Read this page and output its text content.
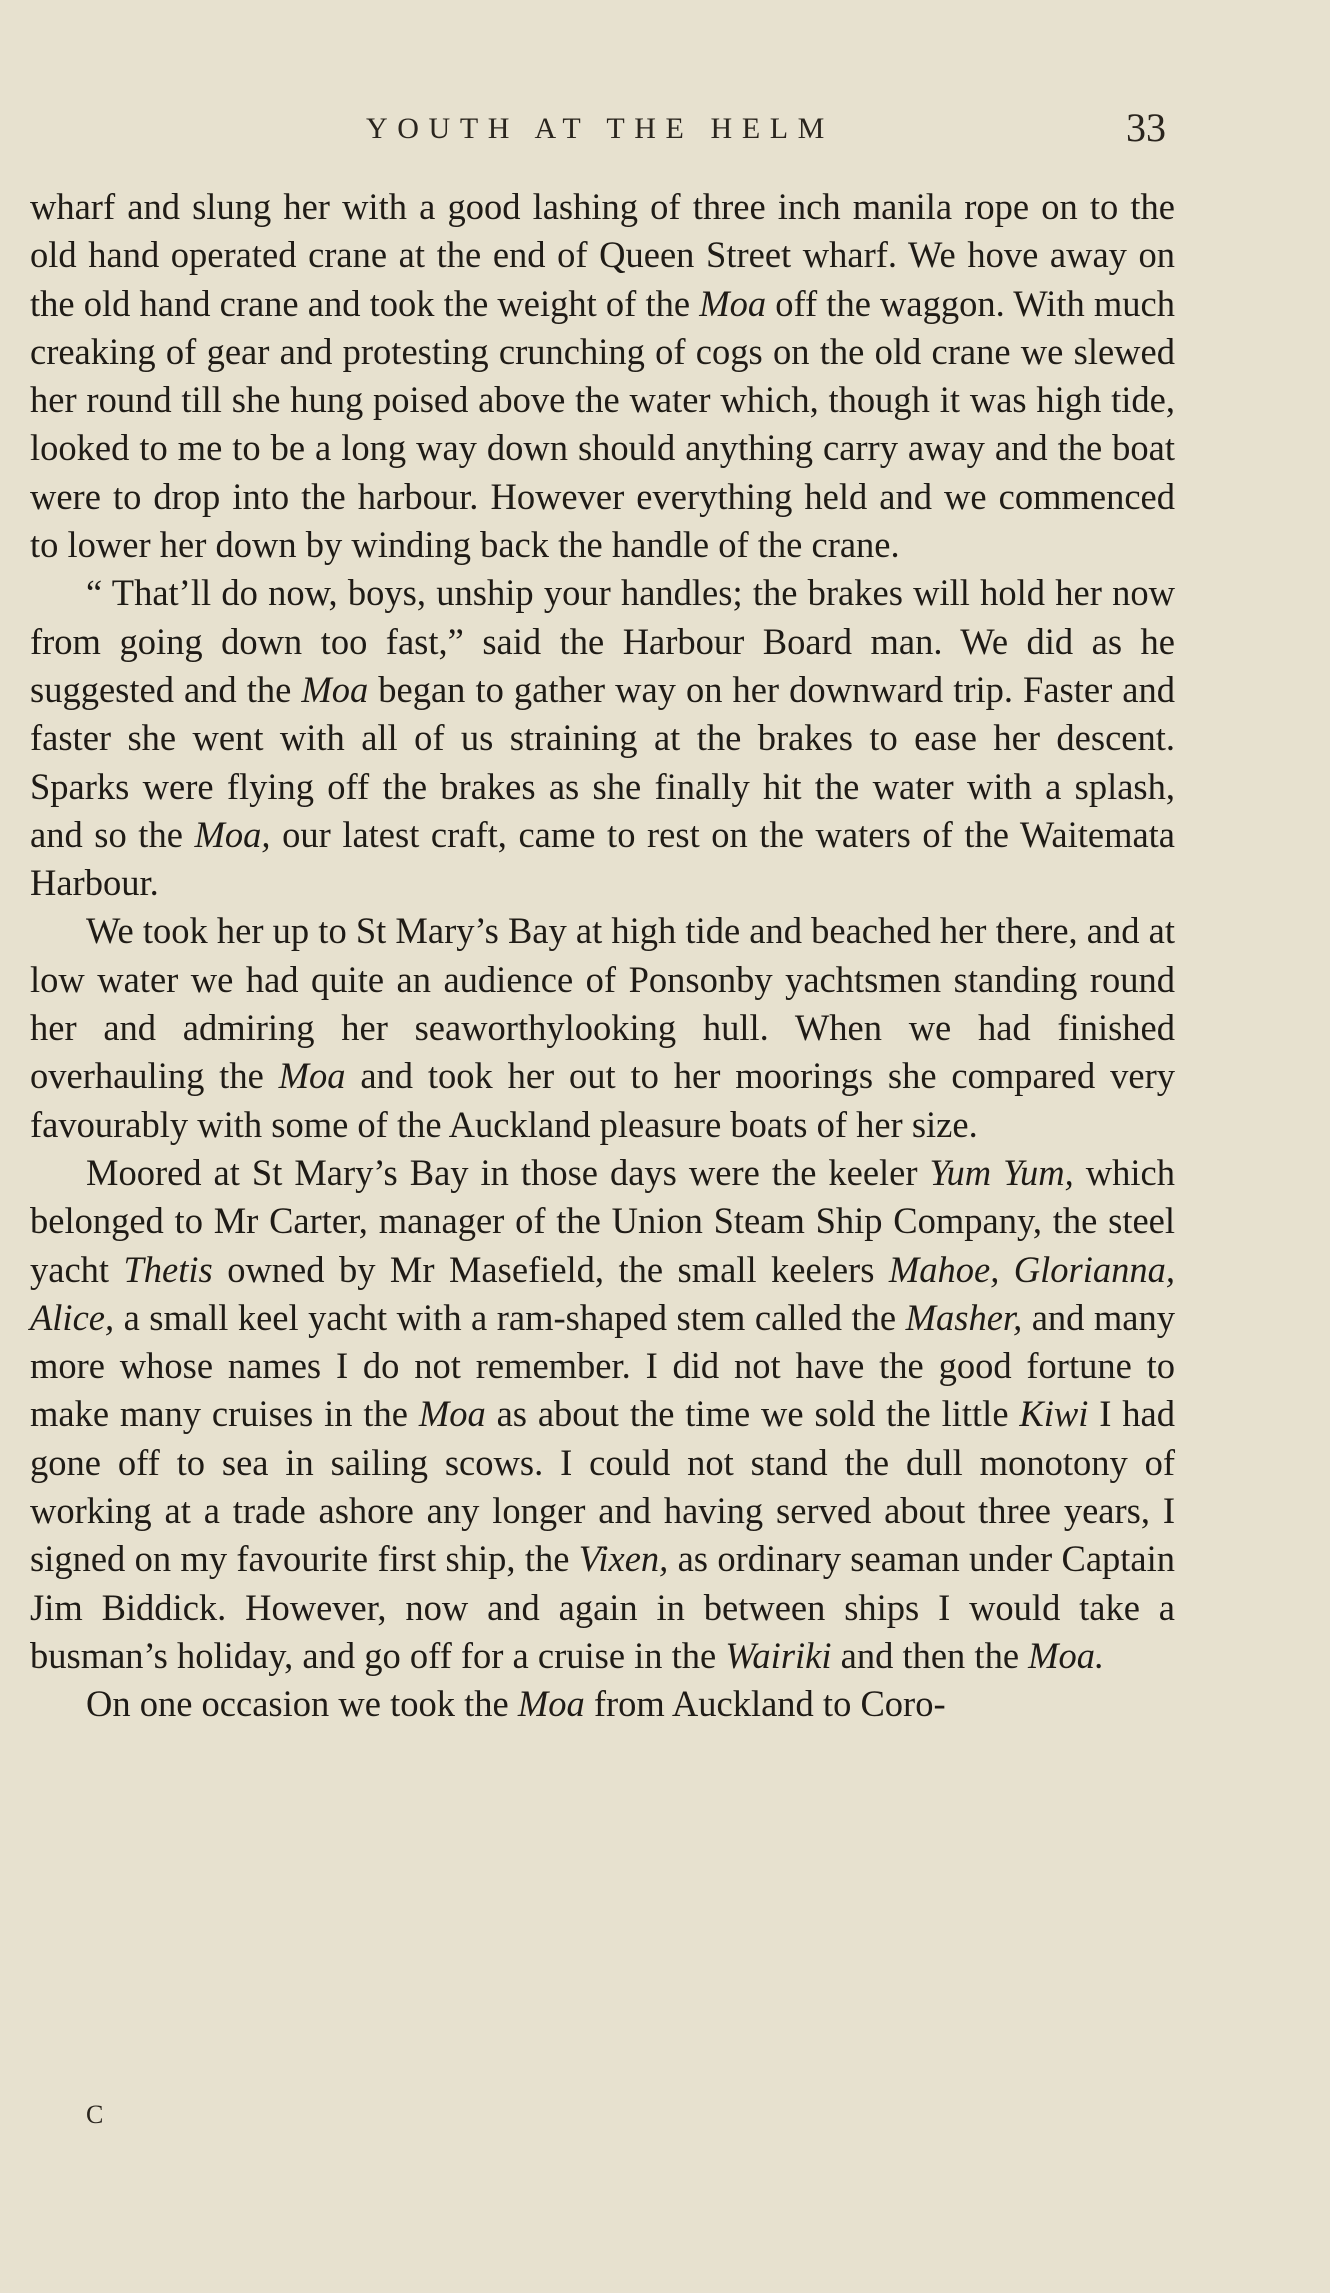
YOUTH AT THE HELM	33

wharf and slung her with a good lashing of three inch manila rope on to the old hand operated crane at the end of Queen Street wharf. We hove away on the old hand crane and took the weight of the Moa off the waggon. With much creaking of gear and protesting crunching of cogs on the old crane we slewed her round till she hung poised above the water which, though it was high tide, looked to me to be a long way down should anything carry away and the boat were to drop into the harbour. However everything held and we commenced to lower her down by winding back the handle of the crane.

“ That’ll do now, boys, unship your handles; the brakes will hold her now from going down too fast,” said the Harbour Board man. We did as he suggested and the Moa began to gather way on her downward trip. Faster and faster she went with all of us straining at the brakes to ease her descent. Sparks were flying off the brakes as she finally hit the water with a splash, and so the Moa, our latest craft, came to rest on the waters of the Waitemata Harbour.

We took her up to St Mary’s Bay at high tide and beached her there, and at low water we had quite an audience of Ponsonby yachtsmen standing round her and admiring her seaworthylooking hull. When we had finished overhauling the Moa and took her out to her moorings she compared very favourably with some of the Auckland pleasure boats of her size.

Moored at St Mary’s Bay in those days were the keeler Yum Yum, which belonged to Mr Carter, manager of the Union Steam Ship Company, the steel yacht Thetis owned by Mr Masefield, the small keelers Mahoe, Glorianna, Alice, a small keel yacht with a ram-shaped stem called the Masher, and many more whose names I do not remember. I did not have the good fortune to make many cruises in the Moa as about the time we sold the little Kiwi I had gone off to sea in sailing scows. I could not stand the dull monotony of working at a trade ashore any longer and having served about three years, I signed on my favourite first ship, the Vixen, as ordinary seaman under Captain Jim Biddick. However, now and again in between ships I would take a busman’s holiday, and go off for a cruise in the Wairiki and then the Moa.

On one occasion we took the Moa from Auckland to Coro-

C
